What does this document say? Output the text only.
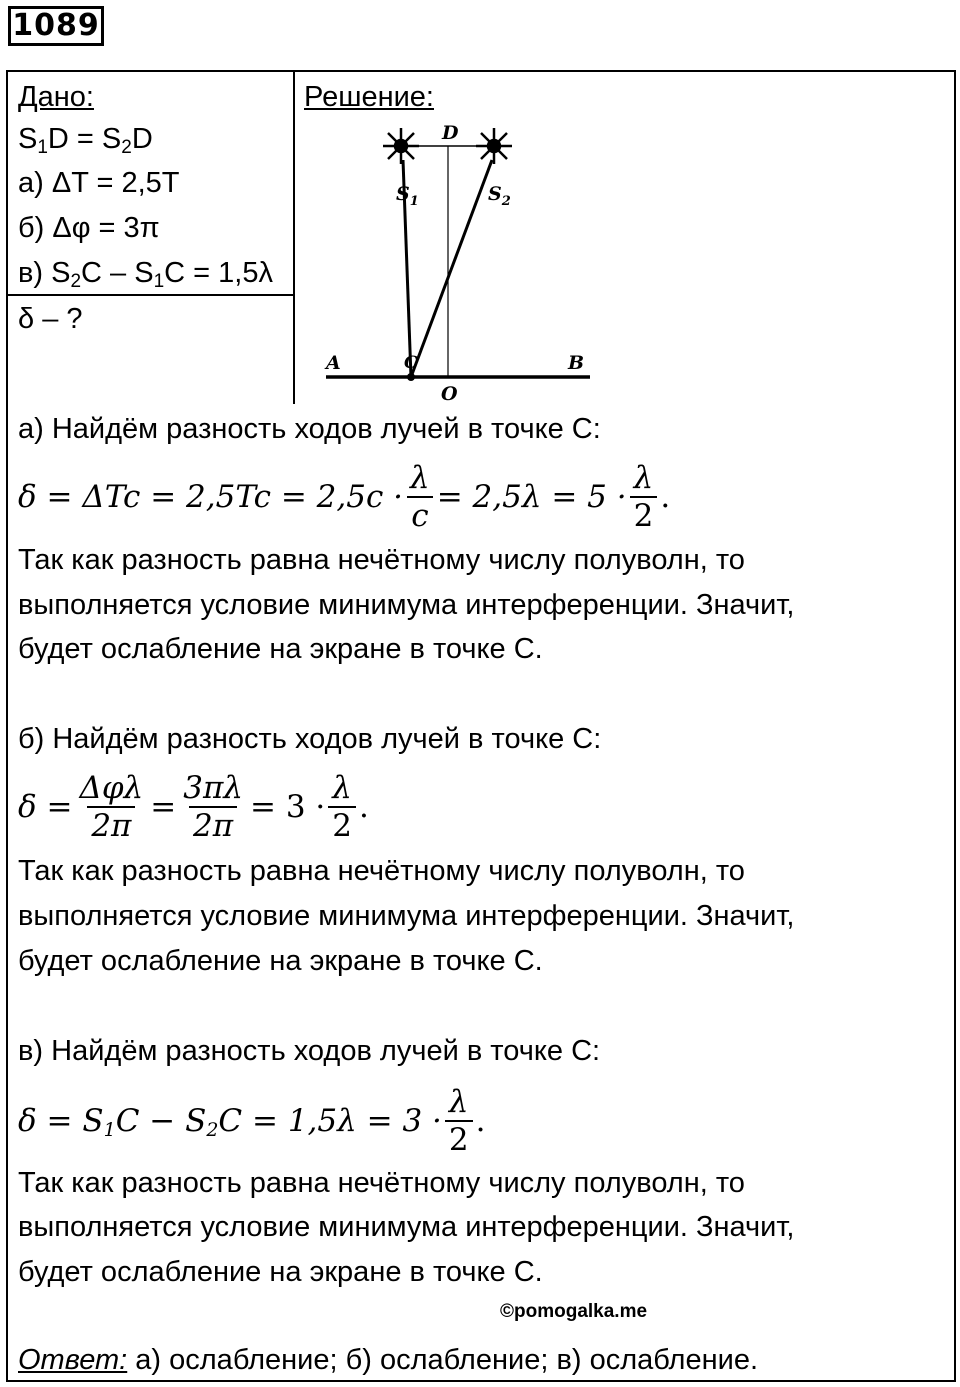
1089
Дано:
$S_1D = S_2D$
а) ΔT = 2,5T
б) Δφ = 3π
в) $S_2C - S_1C = 1,5\lambda$
δ – ?
Решение:
D
$S_1$	$S_2$
A	B
C
O
а) Найдём разность ходов лучей в точке С:
$\delta = \Delta Tc = 2,5Tc = 2,5c \cdot \frac{\lambda}{c} = 2,5\lambda = 5 \cdot \frac{\lambda}{2}$ .
Так как разность равна нечётному числу полуволн, то
выполняется условие минимума интерференции. Значит,
будет ослабление на экране в точке С.
б) Найдём разность ходов лучей в точке С:
$\delta = \frac{\text{Δφλ}}{2\pi} = \frac{3\pi\lambda}{2\pi} = 3 \cdot \frac{\lambda}{2}$ .
Так как разность равна нечётному числу полуволн, то
выполняется условие минимума интерференции. Значит,
будет ослабление на экране в точке С.
в) Найдём разность ходов лучей в точке С:
$\delta = S_1C - S_2C = 1,5\lambda = 3 \cdot \frac{\lambda}{2}$ .
Так как разность равна нечётному числу полуволн, то
выполняется условие минимума интерференции. Значит,
будет ослабление на экране в точке С.
©pomogalka.me
Ответ: а) ослабление; б) ослабление; в) ослабление.
